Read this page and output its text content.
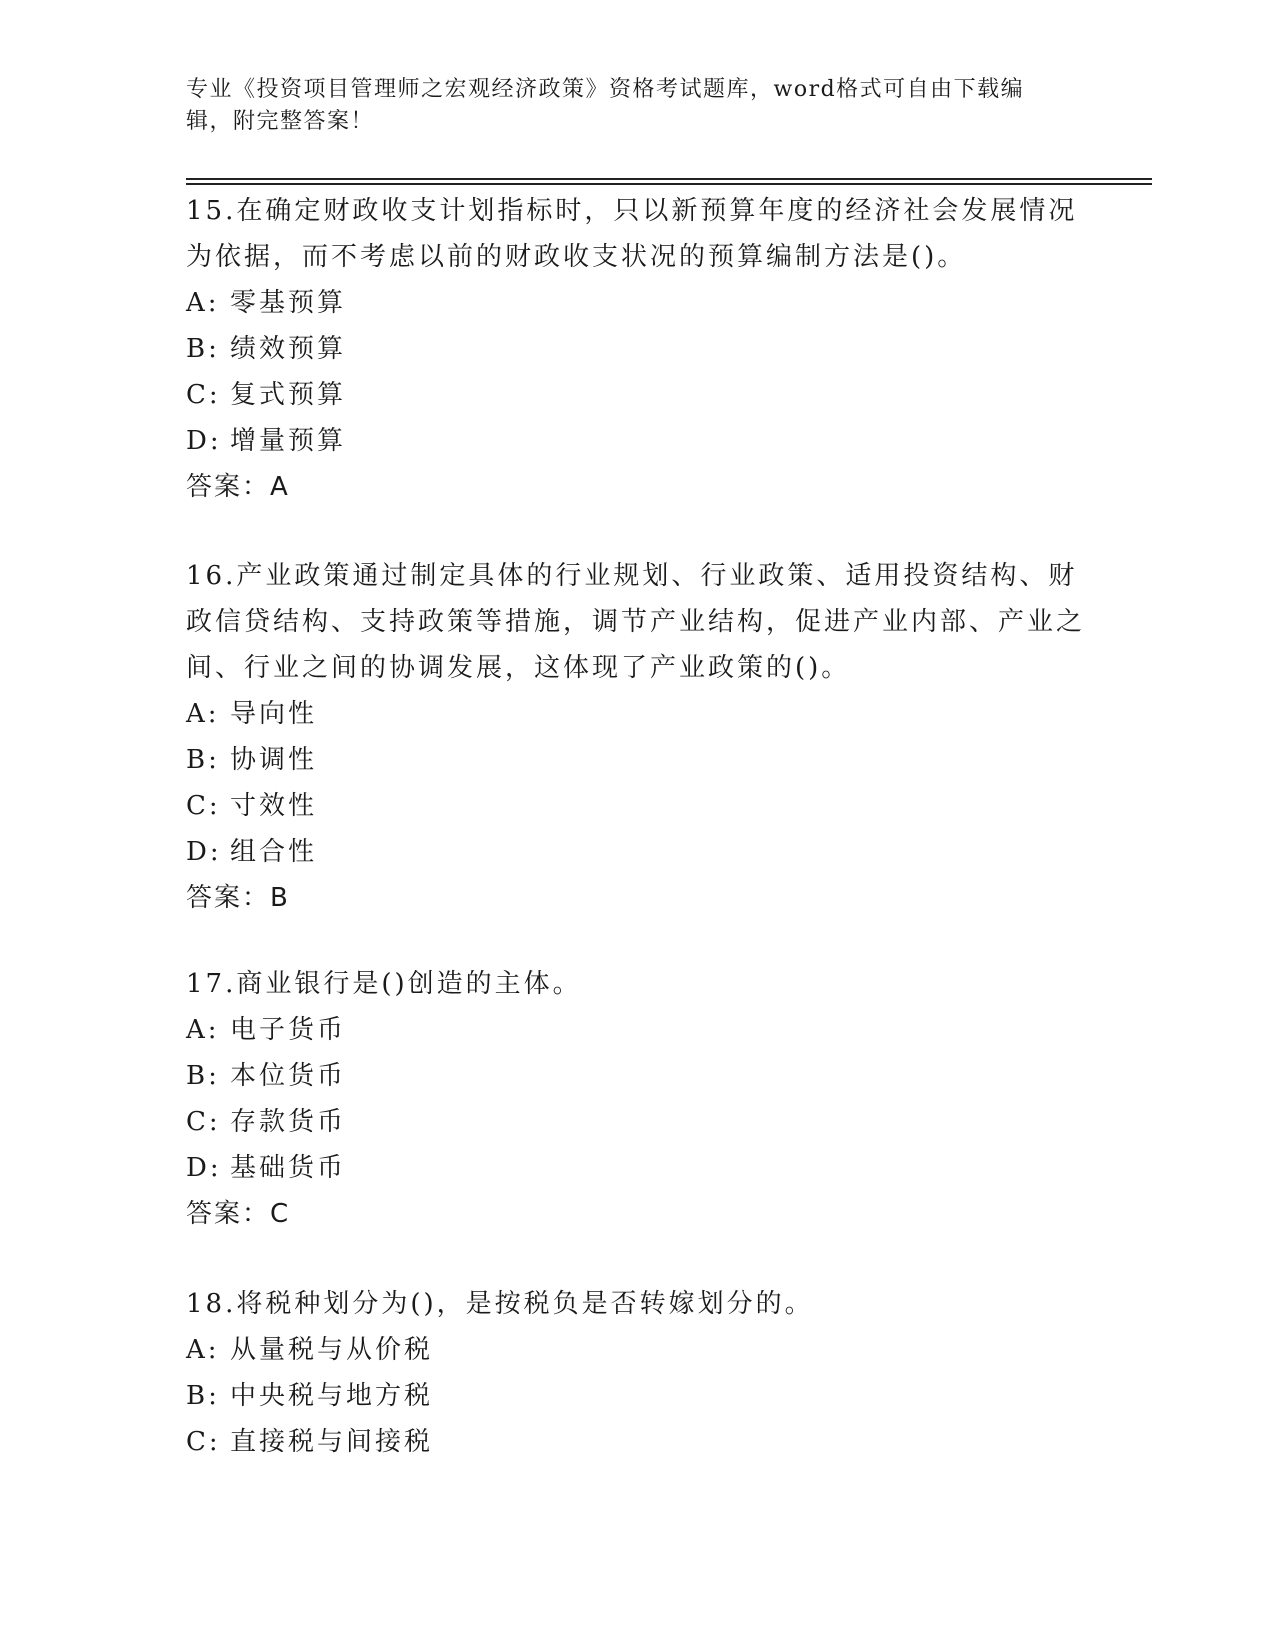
专业《投资项目管理师之宏观经济政策》资格考试题库，word格式可自由下载编辑，附完整答案！

15.在确定财政收支计划指标时，只以新预算年度的经济社会发展情况为依据，而不考虑以前的财政收支状况的预算编制方法是()。

A: 零基预算

B: 绩效预算

C: 复式预算

D: 增量预算

答案：A

16.产业政策通过制定具体的行业规划、行业政策、适用投资结构、财政信贷结构、支持政策等措施，调节产业结构，促进产业内部、产业之间、行业之间的协调发展，这体现了产业政策的()。

A: 导向性

B: 协调性

C: 寸效性

D: 组合性

答案：B

17.商业银行是()创造的主体。

A: 电子货币

B: 本位货币

C: 存款货币

D: 基础货币

答案：C

18.将税种划分为()，是按税负是否转嫁划分的。

A: 从量税与从价税

B: 中央税与地方税

C: 直接税与间接税
